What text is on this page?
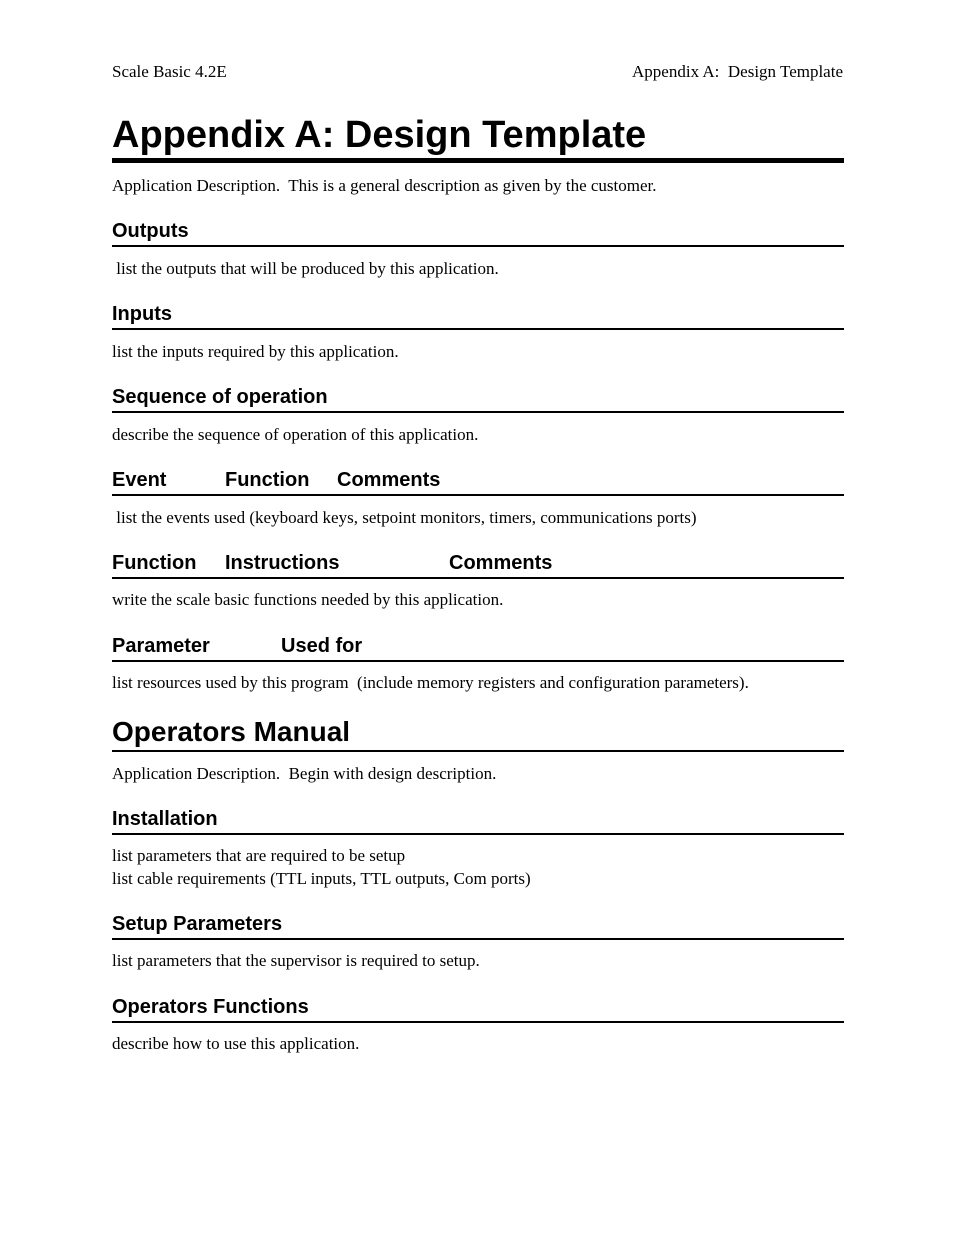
Scale Basic 4.2E	Appendix A:  Design Template
Appendix A: Design Template
Application Description.  This is a general description as given by the customer.
Outputs
list the outputs that will be produced by this application.
Inputs
list the inputs required by this application.
Sequence of operation
describe the sequence of operation of this application.
Event	Function Comments
list the events used (keyboard keys, setpoint monitors, timers, communications ports)
Function Instructions	Comments
write the scale basic functions needed by this application.
Parameter	Used for
list resources used by this program  (include memory registers and configuration parameters).
Operators Manual
Application Description.  Begin with design description.
Installation
list parameters that are required to be setup
list cable requirements (TTL inputs, TTL outputs, Com ports)
Setup Parameters
list parameters that the supervisor is required to setup.
Operators Functions
describe how to use this application.
